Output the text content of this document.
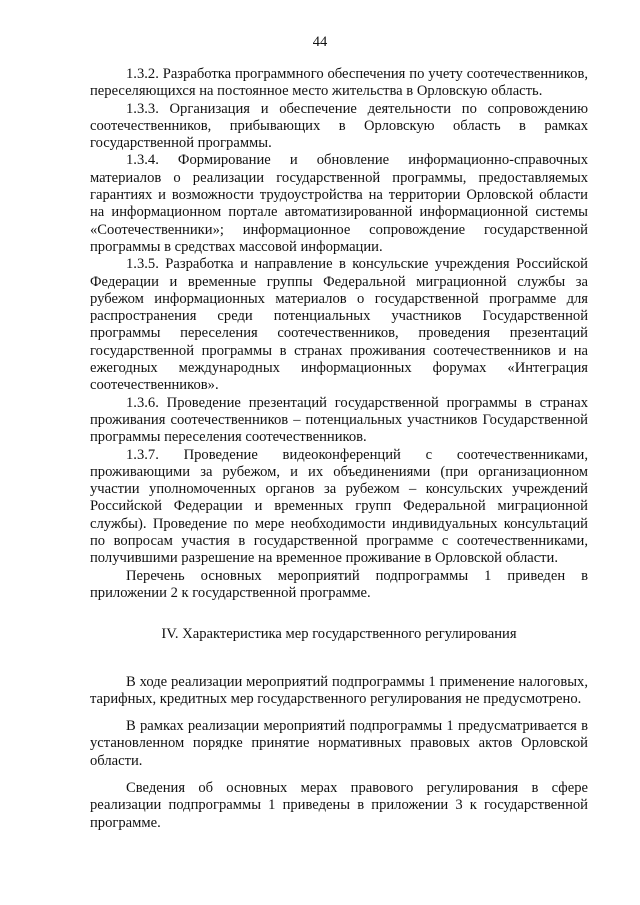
44

1.3.2. Разработка программного обеспечения по учету соотечественников, переселяющихся на постоянное место жительства в Орловскую область.

1.3.3. Организация и обеспечение деятельности по сопровождению соотечественников, прибывающих в Орловскую область в рамках государственной программы.

1.3.4. Формирование и обновление информационно-справочных материалов о реализации государственной программы, предоставляемых гарантиях и возможности трудоустройства на территории Орловской области на информационном портале автоматизированной информационной системы «Соотечественники»; информационное сопровождение государственной программы в средствах массовой информации.

1.3.5. Разработка и направление в консульские учреждения Российской Федерации и временные группы Федеральной миграционной службы за рубежом информационных материалов о государственной программе для распространения среди потенциальных участников Государственной программы переселения соотечественников, проведения презентаций государственной программы в странах проживания соотечественников и на ежегодных международных информационных форумах «Интеграция соотечественников».

1.3.6. Проведение презентаций государственной программы в странах проживания соотечественников – потенциальных участников Государственной программы переселения соотечественников.

1.3.7. Проведение видеоконференций с соотечественниками, проживающими за рубежом, и их объединениями (при организационном участии уполномоченных органов за рубежом – консульских учреждений Российской Федерации и временных групп Федеральной миграционной службы). Проведение по мере необходимости индивидуальных консультаций по вопросам участия в государственной программе с соотечественниками, получившими разрешение на временное проживание в Орловской области.

Перечень основных мероприятий подпрограммы 1 приведен в приложении 2 к государственной программе.

IV. Характеристика мер государственного регулирования

В ходе реализации мероприятий подпрограммы 1 применение налоговых, тарифных, кредитных мер государственного регулирования не предусмотрено.

В рамках реализации мероприятий подпрограммы 1 предусматривается в установленном порядке принятие нормативных правовых актов Орловской области.

Сведения об основных мерах правового регулирования в сфере реализации подпрограммы 1 приведены в приложении 3 к государственной программе.
